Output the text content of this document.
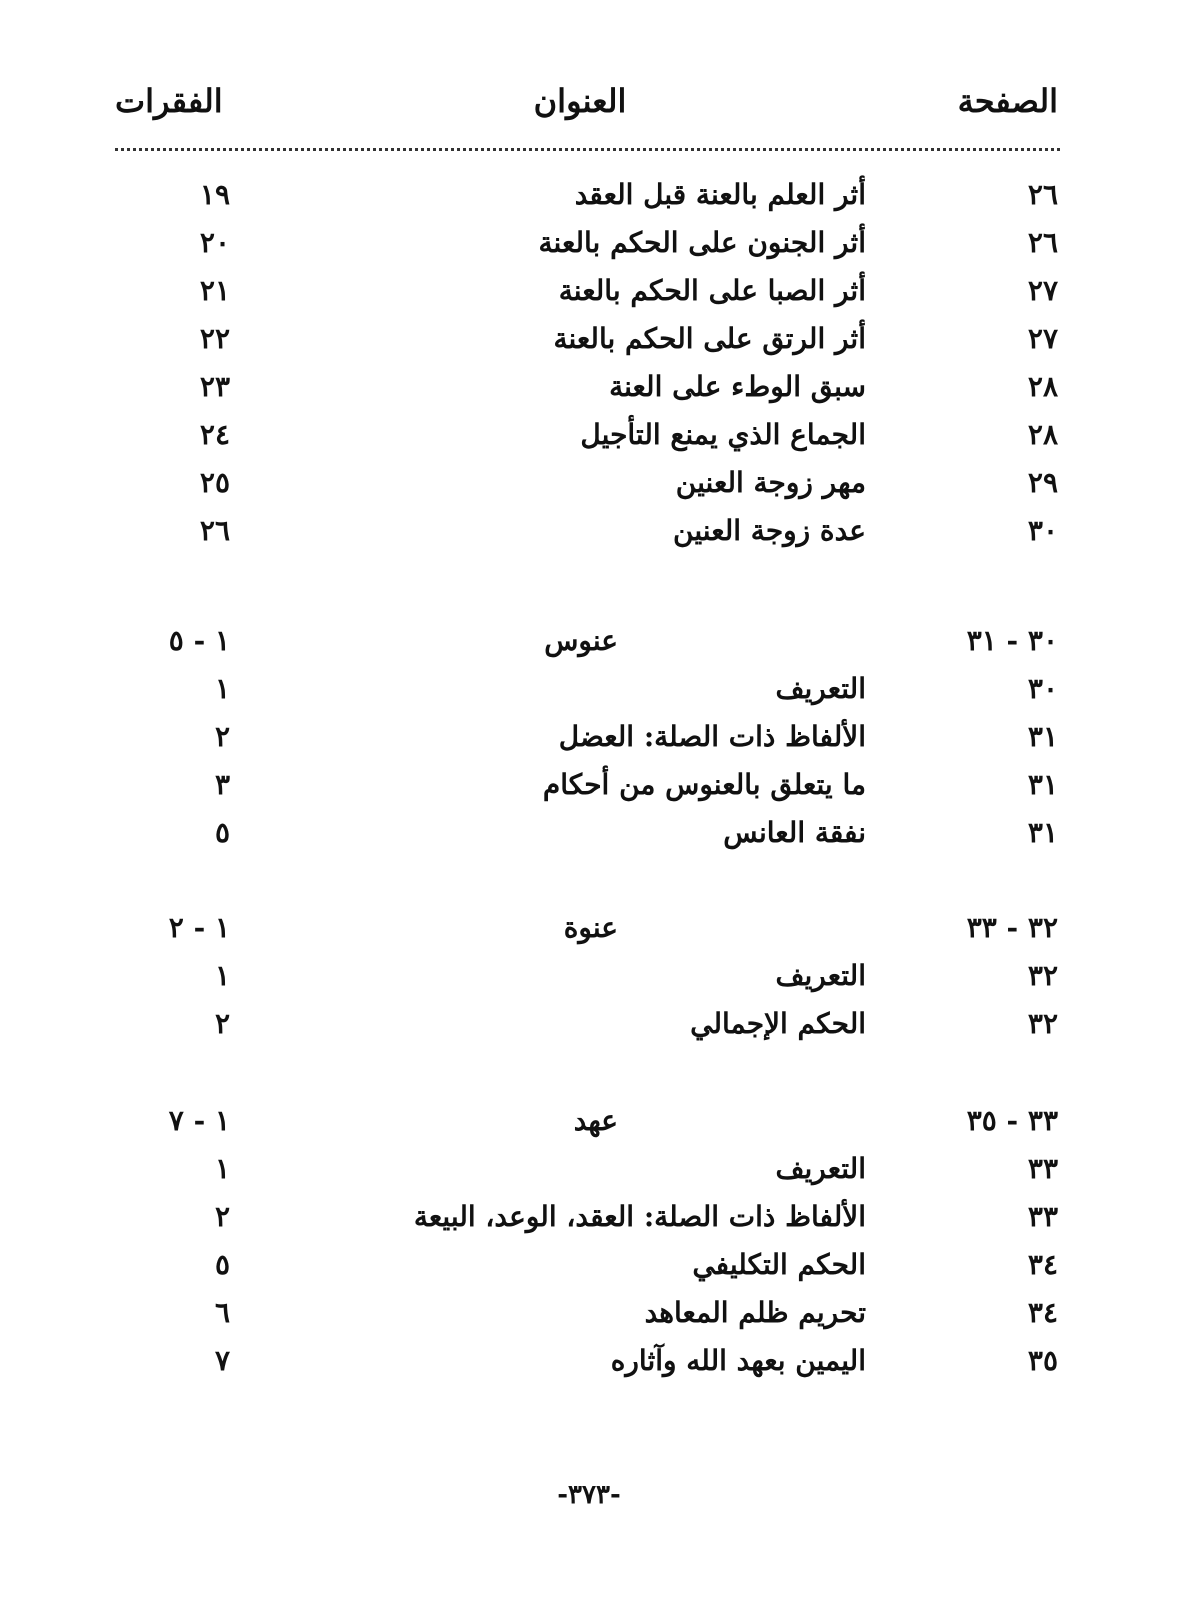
الصفحة
العنوان
الفقرات
٢٦
أثر العلم بالعنة قبل العقد
١٩
٢٦
أثر الجنون على الحكم بالعنة
٢٠
٢٧
أثر الصبا على الحكم بالعنة
٢١
٢٧
أثر الرتق على الحكم بالعنة
٢٢
٢٨
سبق الوطء على العنة
٢٣
٢٨
الجماع الذي يمنع التأجيل
٢٤
٢٩
مهر زوجة العنين
٢٥
٣٠
عدة زوجة العنين
٢٦
٣٠ - ٣١
عنوس
١ - ٥
٣٠
التعريف
١
٣١
الألفاظ ذات الصلة: العضل
٢
٣١
ما يتعلق بالعنوس من أحكام
٣
٣١
نفقة العانس
٥
٣٢ - ٣٣
عنوة
١ - ٢
٣٢
التعريف
١
٣٢
الحكم الإجمالي
٢
٣٣ - ٣٥
عهد
١ - ٧
٣٣
التعريف
١
٣٣
الألفاظ ذات الصلة: العقد، الوعد، البيعة
٢
٣٤
الحكم التكليفي
٥
٣٤
تحريم ظلم المعاهد
٦
٣٥
اليمين بعهد الله وآثاره
٧
-٣٧٣-
